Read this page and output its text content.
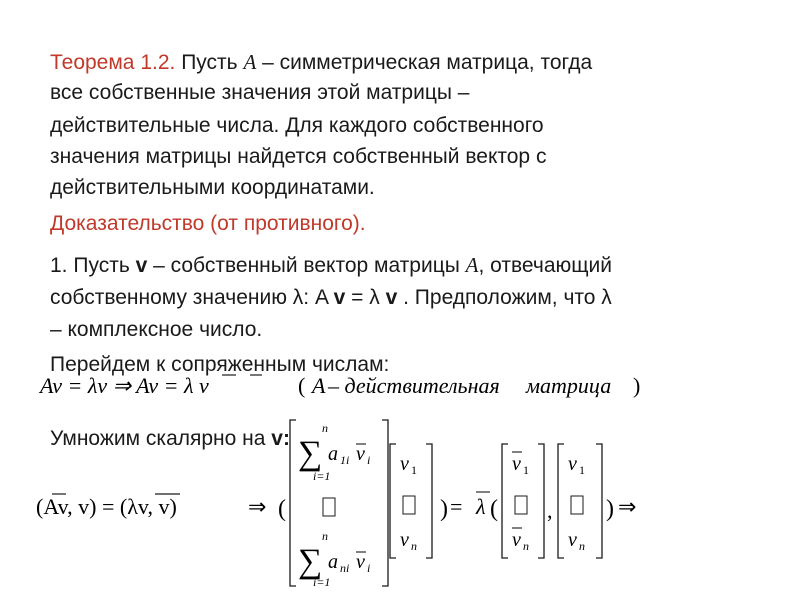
Теорема 1.2. Пусть A – симметрическая матрица, тогда
все собственные значения этой матрицы –
действительные числа. Для каждого собственного
значения матрицы найдется собственный вектор с
действительными координатами.
Доказательство (от противного).
1. Пусть v – собственный вектор матрицы A, отвечающий
собственному значению λ: A v = λ v . Предположим, что λ
– комплексное число.
Перейдем к сопряженным числам:
Av = λv ⇒ Av = λ v	( A – действительная матрица )
Умножим скалярно на v:
(Av, v) = (λv, v)	⇒ (
n
∑
i=1
a 1i v i
n
∑
i=1
a ni v i
v 1
v n
) = λ (
v 1
v n
,
v 1
v n
) ⇒
